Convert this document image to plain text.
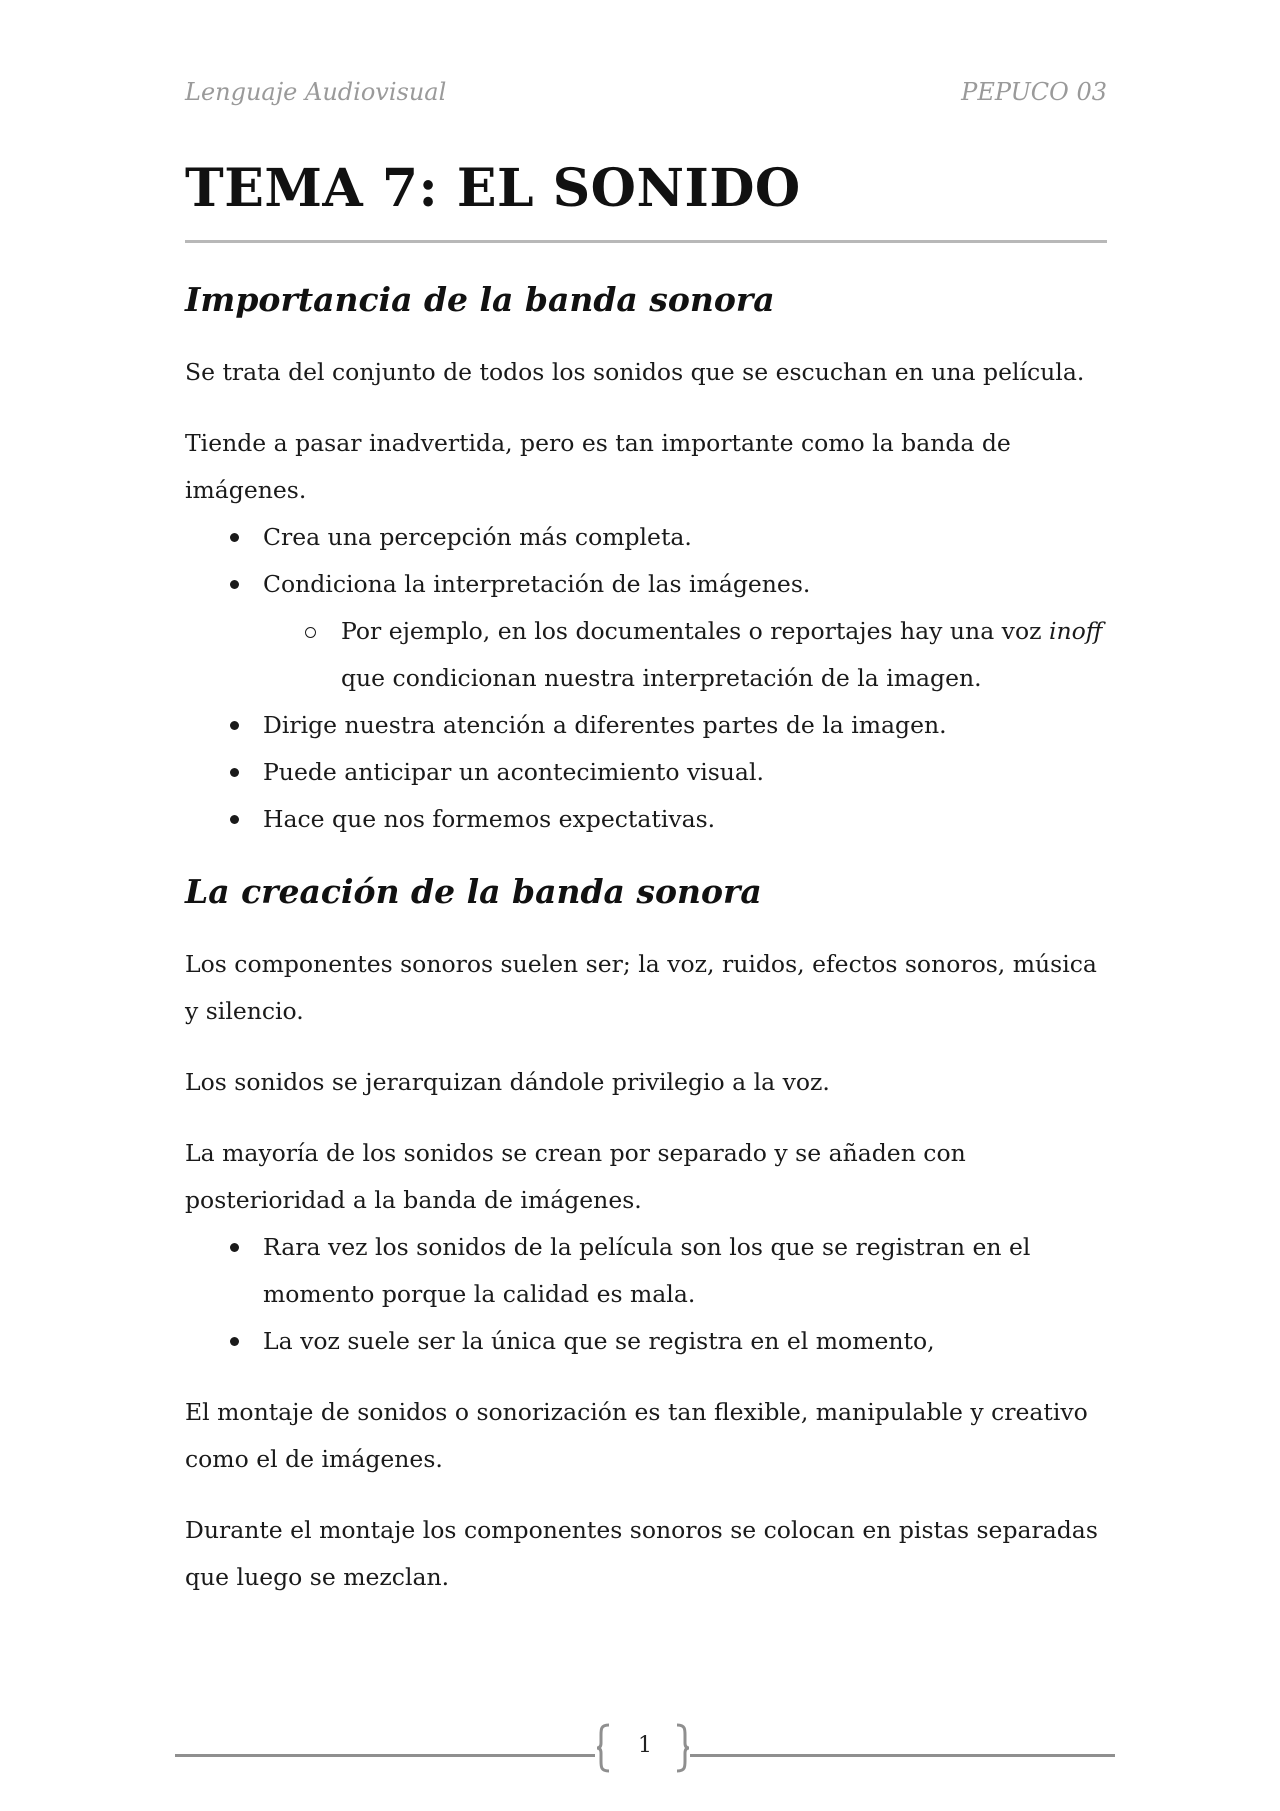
Lenguaje Audiovisual	PEPUCO 03
TEMA 7: EL SONIDO
Importancia de la banda sonora

Se trata del conjunto de todos los sonidos que se escuchan en una película.

Tiende a pasar inadvertida, pero es tan importante como la banda de imágenes.

Crea una percepción más completa.
Condiciona la interpretación de las imágenes.
Por ejemplo, en los documentales o reportajes hay una voz inoff que condicionan nuestra interpretación de la imagen.
Dirige nuestra atención a diferentes partes de la imagen.
Puede anticipar un acontecimiento visual.
Hace que nos formemos expectativas.
La creación de la banda sonora

Los componentes sonoros suelen ser; la voz, ruidos, efectos sonoros, música y silencio.

Los sonidos se jerarquizan dándole privilegio a la voz.

La mayoría de los sonidos se crean por separado y se añaden con posterioridad a la banda de imágenes.

Rara vez los sonidos de la película son los que se registran en el momento porque la calidad es mala.
La voz suele ser la única que se registra en el momento,

El montaje de sonidos o sonorización es tan flexible, manipulable y creativo como el de imágenes.

Durante el montaje los componentes sonoros se colocan en pistas separadas que luego se mezclan.

1
